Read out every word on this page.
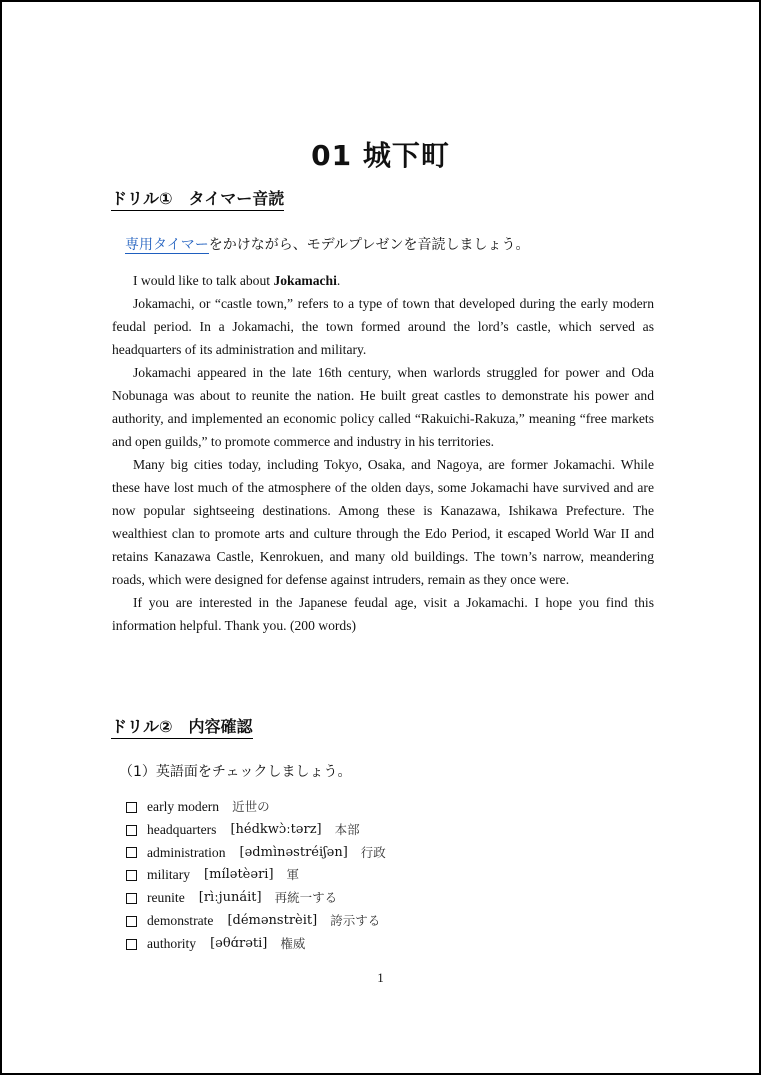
01 城下町
ドリル①　タイマー音読
専用タイマーをかけながら、モデルプレゼンを音読しましょう。

I would like to talk about Jokamachi.

Jokamachi, or “castle town,” refers to a type of town that developed during the early modern feudal period. In a Jokamachi, the town formed around the lord’s castle, which served as headquarters of its administration and military.

Jokamachi appeared in the late 16th century, when warlords struggled for power and Oda Nobunaga was about to reunite the nation. He built great castles to demonstrate his power and authority, and implemented an economic policy called “Rakuichi-Rakuza,” meaning “free markets and open guilds,” to promote commerce and industry in his territories.

Many big cities today, including Tokyo, Osaka, and Nagoya, are former Jokamachi. While these have lost much of the atmosphere of the olden days, some Jokamachi have survived and are now popular sightseeing destinations. Among these is Kanazawa, Ishikawa Prefecture. The wealthiest clan to promote arts and culture through the Edo Period, it escaped World War II and retains Kanazawa Castle, Kenrokuen, and many old buildings. The town’s narrow, meandering roads, which were designed for defense against intruders, remain as they once were.

If you are interested in the Japanese feudal age, visit a Jokamachi. I hope you find this information helpful. Thank you. (200 words)

ドリル②　内容確認
（1）英語面をチェックしましょう。
early modern 近世の
headquarters [hédkwɔ̀ːtərz] 本部
administration [ədmìnəstréiʃən] 行政
military [mílətèəri] 軍
reunite [rìːjunáit] 再統一する
demonstrate [démənstrèit] 誇示する
authority [əθɑ́rəti] 権威
1
